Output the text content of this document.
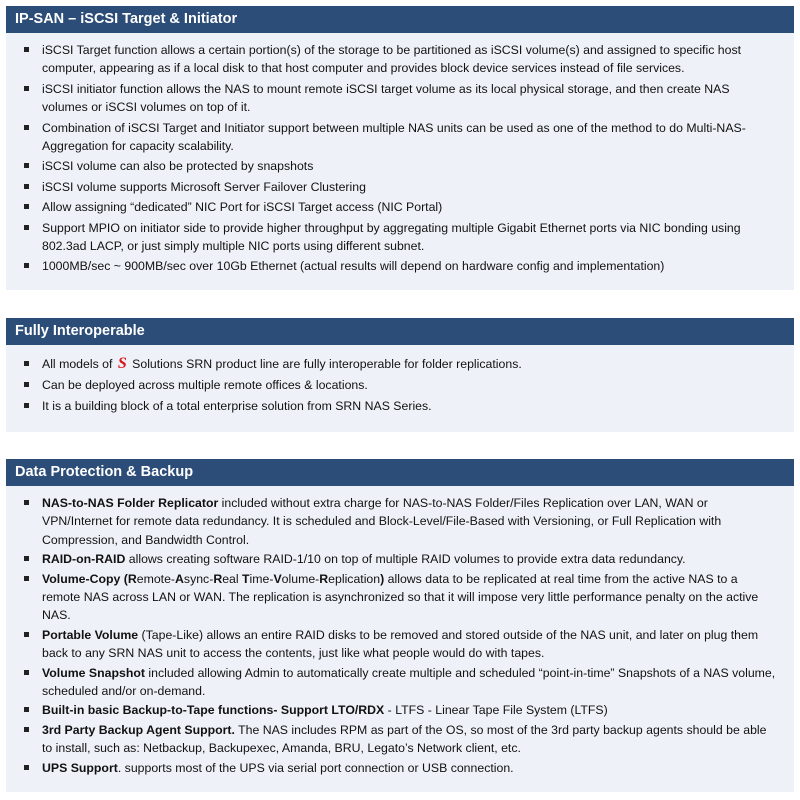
IP-SAN – iSCSI Target & Initiator
iSCSI Target function allows a certain portion(s) of the storage to be partitioned as iSCSI volume(s) and assigned to specific host computer, appearing as if a local disk to that host computer and provides block device services instead of file services.
iSCSI initiator function allows the NAS to mount remote iSCSI target volume as its local physical storage, and then create NAS volumes or iSCSI volumes on top of it.
Combination of iSCSI Target and Initiator support between multiple NAS units can be used as one of the method to do Multi-NAS-Aggregation for capacity scalability.
iSCSI volume can also be protected by snapshots
iSCSI volume supports Microsoft Server Failover Clustering
Allow assigning “dedicated” NIC Port for iSCSI Target access (NIC Portal)
Support MPIO on initiator side to provide higher throughput by aggregating multiple Gigabit Ethernet ports via NIC bonding using 802.3ad LACP, or just simply multiple NIC ports using different subnet.
1000MB/sec ~ 900MB/sec over 10Gb Ethernet (actual results will depend on hardware config and implementation)
Fully Interoperable
All models of S Solutions SRN product line are fully interoperable for folder replications.
Can be deployed across multiple remote offices & locations.
It is a building block of a total enterprise solution from SRN NAS Series.
Data Protection & Backup
NAS-to-NAS Folder Replicator included without extra charge for NAS-to-NAS Folder/Files Replication over LAN, WAN or VPN/Internet for remote data redundancy. It is scheduled and Block-Level/File-Based with Versioning, or Full Replication with Compression, and Bandwidth Control.
RAID-on-RAID allows creating software RAID-1/10 on top of multiple RAID volumes to provide extra data redundancy.
Volume-Copy (Remote-Async-Real Time-Volume-Replication) allows data to be replicated at real time from the active NAS to a remote NAS across LAN or WAN. The replication is asynchronized so that it will impose very little performance penalty on the active NAS.
Portable Volume (Tape-Like) allows an entire RAID disks to be removed and stored outside of the NAS unit, and later on plug them back to any SRN NAS unit to access the contents, just like what people would do with tapes.
Volume Snapshot included allowing Admin to automatically create multiple and scheduled “point-in-time” Snapshots of a NAS volume, scheduled and/or on-demand.
Built-in basic Backup-to-Tape functions- Support LTO/RDX - LTFS - Linear Tape File System (LTFS)
3rd Party Backup Agent Support. The NAS includes RPM as part of the OS, so most of the 3rd party backup agents should be able to install, such as: Netbackup, Backupexec, Amanda, BRU, Legato’s Network client, etc.
UPS Support. supports most of the UPS via serial port connection or USB connection.
